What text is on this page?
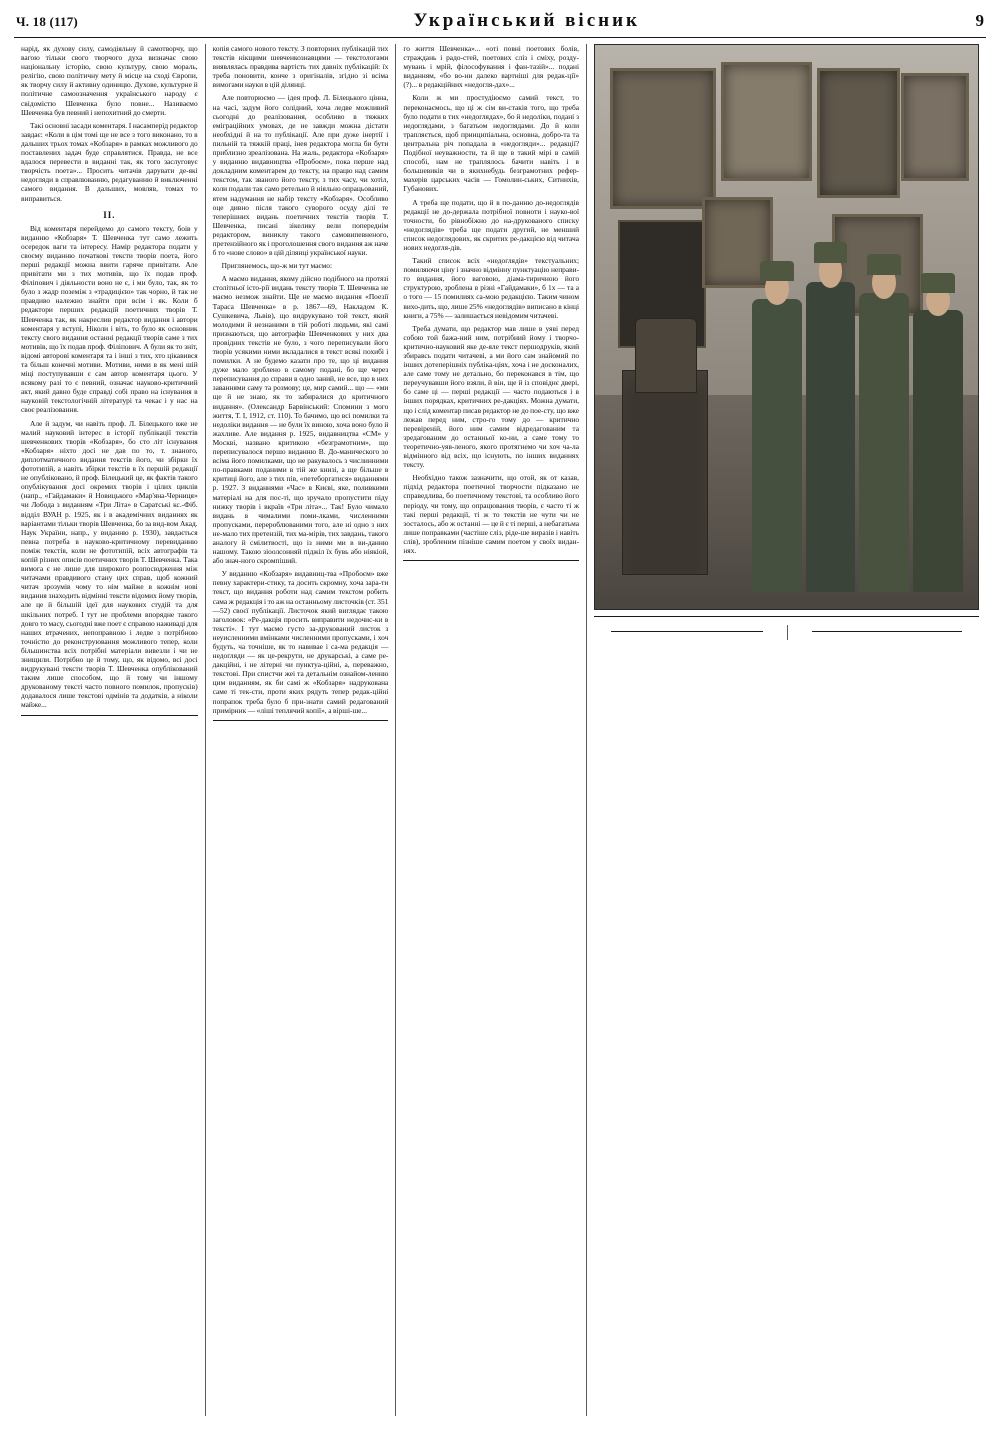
Ч. 18 (117)	Український вісник	9

нарід, як духову силу, самодіяльну й самотворчу, що вагою тільки свого творчого духа визначає свою національну історію, свою культуру, свою мораль, релігію, свою політичну мету й місце на сході Європи, як творчу силу й активну одиницю. Духове, культурне й політичне самоозначення українського народу є свідомістю Шевченка було повне... Називаємо Шевченка був певний і непохитний до смерти.

Такі основні засади коментаря. І насамперід редактор завдає: «Коли в цім томі ще не все з того виконано, то в дальших трьох томах «Кобзаря» в рамках можливого до поставлених задач буде справлятися. Правда, не все вдалося перевести в виданні так, як того заслуговує творчість поета»... Просить читачів дарувати де-які недогляди в справлюванню, редагуванню й виключенні самого видання. В дальших, мовляв, томах то виправиться.

II.

Від коментаря перейдемо до самого тексту, боів у виданню «Кобзаря» Т. Шевченка тут само лежить осередок ваги та інтересу. Намір редактора подати у своєму виданню початкові тексти творів поета, його перші редакції можна ввити гаряче привітати. Але привітати ми з тих мотивів, що їх подав проф. Філіпович і діяльности воно не є, і ми було, так, як то було з жадр поземіж з «традицією» так чорно, й так не правдиво належно знайти при всім і як. Коли б редактори перших редакцій поетичних творів Т. Шевченка так, як накреслив редактор видання і автори коментаря у вступі, Ніколи і віть, то було як основник тексту свого видання останні редакції творів саме з тих мотивів, що їх подав проф. Філіпович. А були як то зніт, відомі авторові коментаря та і інші з тих, хто цікавився та більш конечні мотиви. Мотиви, ними в як мені шій міці поступувавши є сам автор коментаря цього. У всякому разі то є певний, означає науково-критичний акт, який давно буде справді собі право на існування в науковій текстологічній літературі та чекає і у нас на своє реалізовання.

Але й задум, чи навіть проф. Л. Білецького вже не малий науковий інтерес в історії публікації текстів шевченкових творів «Кобзаря», бо сто літ існування «Кобзаря» ніхто досі не дав по то, т. знаного, диплотматичного видання текстів його, чи збірки їх фототипій, а навіть збірки текстів в їх першій редакції не опубліковано, й проф. Білецький це, як фактів такого опублікування досі окремих творів і цілих циклів (напр., «Гайдамаки» й Новицького «Мар'яна-Черниця» чи Лобода з виданням «Три Літа» в Саратські кс.-Фіб. відділ ВУАН р. 1925, як і в академічних виданнях як варіантами тільки творів Шевченка, бо за вид-вом Акад. Наук України, напр., у виданню р. 1930), завдається певна потреба в науково-критичному перевиданню поміж текстів, коли не фототипій, всіх автографів та копій різних описів поетичних творів Т. Шевченка. Така вимога є не лише для широкого розпосюдження між читачами правдивого стану цих справ, щоб кожний читач зрозумів чому то нім майже в кожнім нові видання знаходить відмінні тексти відомих йому творів, але це й більшій ідеї для наукових студій та для шкільних потреб. І тут не проблеми впорядне такого довго то масу, сьогодні вже поет є справою наживаді для наших втрачених, непоправною і ледве з потрібною точністю до реконструювання можливого тепер, коли більшинства всіх потрібні матеріали вивезли і чи не знищили. Потрібно це й тому, що, як відомо, всі досі видрукувані тексти творів Т. Шевченка опублікований таким лише способом, що й тому чи іншому друкованому тексті часто повного помилок, пропусків) додавалося лише текстові одмінів та додатків, а ніколи майже...

копія самого нового тексту. З повторних публікацій тих текстів нікщими шевченкознавцями — текстологами виявлялась правдива вартість тих давніх публікацій: їх треба поновити, конче з оригіналів, згідно зі всіма вимогами науки в цій ділянці.

Але повторюємо — ідея проф. Л. Білецького цінна, на часі, задум його солідний, хоча ледве можливий сьогодні до реалізовання, особливо в тяжких еміграційних умовах, де не завжди можна дістати необхідні й на то публікації. Але при дуже інертії і пильній та тяжкій праці, інея редактора могла би бути приблизно зреалізована. На жаль, редактора «Кобзаря» у виданню видавництва «Пробоєм», пока перше над докладним коментарем до тексту, на працю над самим текстом, так званого його тексту, з тих часу, чи хотіл, коли подали так само ретельно й ніяльно опрацьований, ятем надумання не набір тексту «Кобзаря». Особливо оце дивно після такого суворого осуду ділі те теперішних видань поетичних текстів творів Т. Шевченка, писані зікелику вели попереднім редактором, виниклу такого самовипевненого, претензійного як і проголошення свого видання аж наче б то «нове слово» в цій ділянці української науки.

Приглянемось, що-ж ми тут маємо:

А маємо видання, якому дійсно подібного на протязі столітньої істо-рії видань тексту творів Т. Шевченка не маємо незмож знайти. Ще не маємо видання «Поезії Тараса Шевченка» в р. 1867—69, Накладом К. Сушкевича, Львів), що видрукувано той текст, який молодими й незнаними в тій роботі людьми, які самі признаються, що автографів Шевченкових у них два провідних текстів не було, з чого переписували його творів усякими ними вкладалися в текст всякі похибі і помилки. А не будемо казати про те, що ці видання дуже мало зроблено в самому подані, бо ще через переписування до справи в одно заний, не все, що в них заваннями саму та розмову; це, мир самий... що — «ми ще й не знаю, як то забиралися до критичного видання». (Олександр Барвінський: Спомини з мого життя, Т. I, 1912, ст. 110). То бачимо, що всі помилки та недоліки видання — не були їх виною, хоча воно було й жахливе. Але видання р. 1925, видавництва «СМ» у Москві, названо критикою «безграмотним», що переписувалося першо виданню В. До-манического зо всіма його помилками, що не ракувалось з числинними по-правками поданими в тій же книзі, а ще більше в критиці його, але з тих пів, «петеборгатися» виданнями р. 1927. З виданнями «Час» в Києві, яке, поливкими матеріалі на для пос-ті, що зручало пропустити піду нижку творів і вкраїв «Три літа»... Так! Було чимало видань в чималими поми-лками, численними пропусками, перероблюваними того, але ні одно з них не-мало тих претензій, тих ма-мірів, тих завдань, такого аналогу й смілитвості, що із ними ми в ви-данню нашому. Такою зіоолсонняй піджіл їх бувь або ніякіой, або знач-ного скромпіший.

У виданню «Кобзаря» видавниц-тва «Пробоєм» вже певну характери-стику, та досить скромну, хоча зара-ти текст, що видання роботи над самим текстом робить сама ж редакція і то аж на останньому листочків (ст. 351—52) своєї публікації. Листочок який виглядає такою заголовок: «Ре-дакція просить виправити недочис-ки в тексті». І тут маємо густо за-друкований листок з неуисленними вмінками численними пропусками, і хоч будуть, ча точніше, як то навивае і са-ма редакція — недогляди — як це-рекрути, не друкарські, а саме ре-дакційні, і не літерні чи пунктуа-ційні, а, переважно, текстові. При спистчи жеі та детальнім ознайом-ленню цим виданням, як би самі ж «Кобзаря» надрукована саме ті тек-сти, проти яких рядуть тепер редак-ційні попрапок треба було б при-знати самий редагований примірник — «ліші теплячий копії», а вірші-ше...

го життя Шевченка»... «оті повні поетових болів, страждань і радо-стей, поетових сліз і сміху, розду-мувань і мрій, філософування і фан-тазій»... подані виданням, «бо во-ни далеко вартніші для редак-ції» (?)... в редакційних «недогля-дах»...

Коли ж ми простудіюємо самий текст, то переконаємось, що ці ж сім ви-стаків того, що треба було подати в тих «недоглядах», бо й недоліки, подані з недоглядами, з багатьом недоглядами. До й коли трапляється, щоб принципіальна, основна, добро-та та центральна річ попадала в «недогляди»... редакції? Подібної неуважности, та й ще в такий мірі в самій способі, нам не траплялось бачити навіть і в большевиків чи в якихнебудь безграмотних рефер-махерів царських часів — Гомолин-ських, Ситнихів, Губанових.

А треба ще подати, що й в по-данню до-недоглядів редакції не до-держала потрібної повноти і науко-вої точности, бо рівнобіжно до на-друкованого списку «недоглядів» треба ще подати другий, не менший список недоглядових, як скритих ре-дакцією від читача нових недогля-дів.

Такий список всіх «недоглядів» текстуальних; помиляючи ціну і значно відмінну пунктуацію неправи-го видання, його ваговою, діама-тиричною його структурою, зроблена в різні «Гайдамаки», б 1х — та а о того — 15 помилиях са-мою редакцією. Таким чином вихо-дить, що, лише 25% «недоглядів» виписано в кінці книги, а 75% — залишається невідомим читачеві.

Треба думати, що редактор мав лише в уяві перед собою той бажа-ний ним, потрібний йому і творчо-критично-науковий яке де-яле текст першодруків, який збиравсь подати читачеві, а ми його сам знайомий по інших дотеперішніх публіка-ціях, хоча і не досконалих, але саме тому не детально, бо переконався в тім, що переучувавши його взяли, й він, ще й із сповіднє двері, бо саме ці — перші редакції — часто подаються і в інших порядках, критичних ре-дакціях. Можна думати, що і слід коментар писав редактор не до пое-сту, що вже лежав перед ним, стро-го тому до — критично перевіреній, його ним самим відредагованим та зредагованим до останньої ко-ни, а саме тому то теоретично-уяв-леного, якого протягнемо чи хоч ча-ла відмінного від всіх, що існують, по інших виданнях тексту.

Необхідно також зазначити, що отой, як от казав, підхід редактора поетичної творчости підказано не справедлива, бо поетичному текстові, та особливо його періоду, чи тому, що опрацювання творів, є часто ті ж такі перші редакції, ті ж то текстів не чути чи не зосталось, або ж останні — це й є ті перші, а небагатьма лише поправками (частіше сліз, ріде-ше виразів і навіть слів), зробленим пізніше самим поетом у своїх видан-нях.
